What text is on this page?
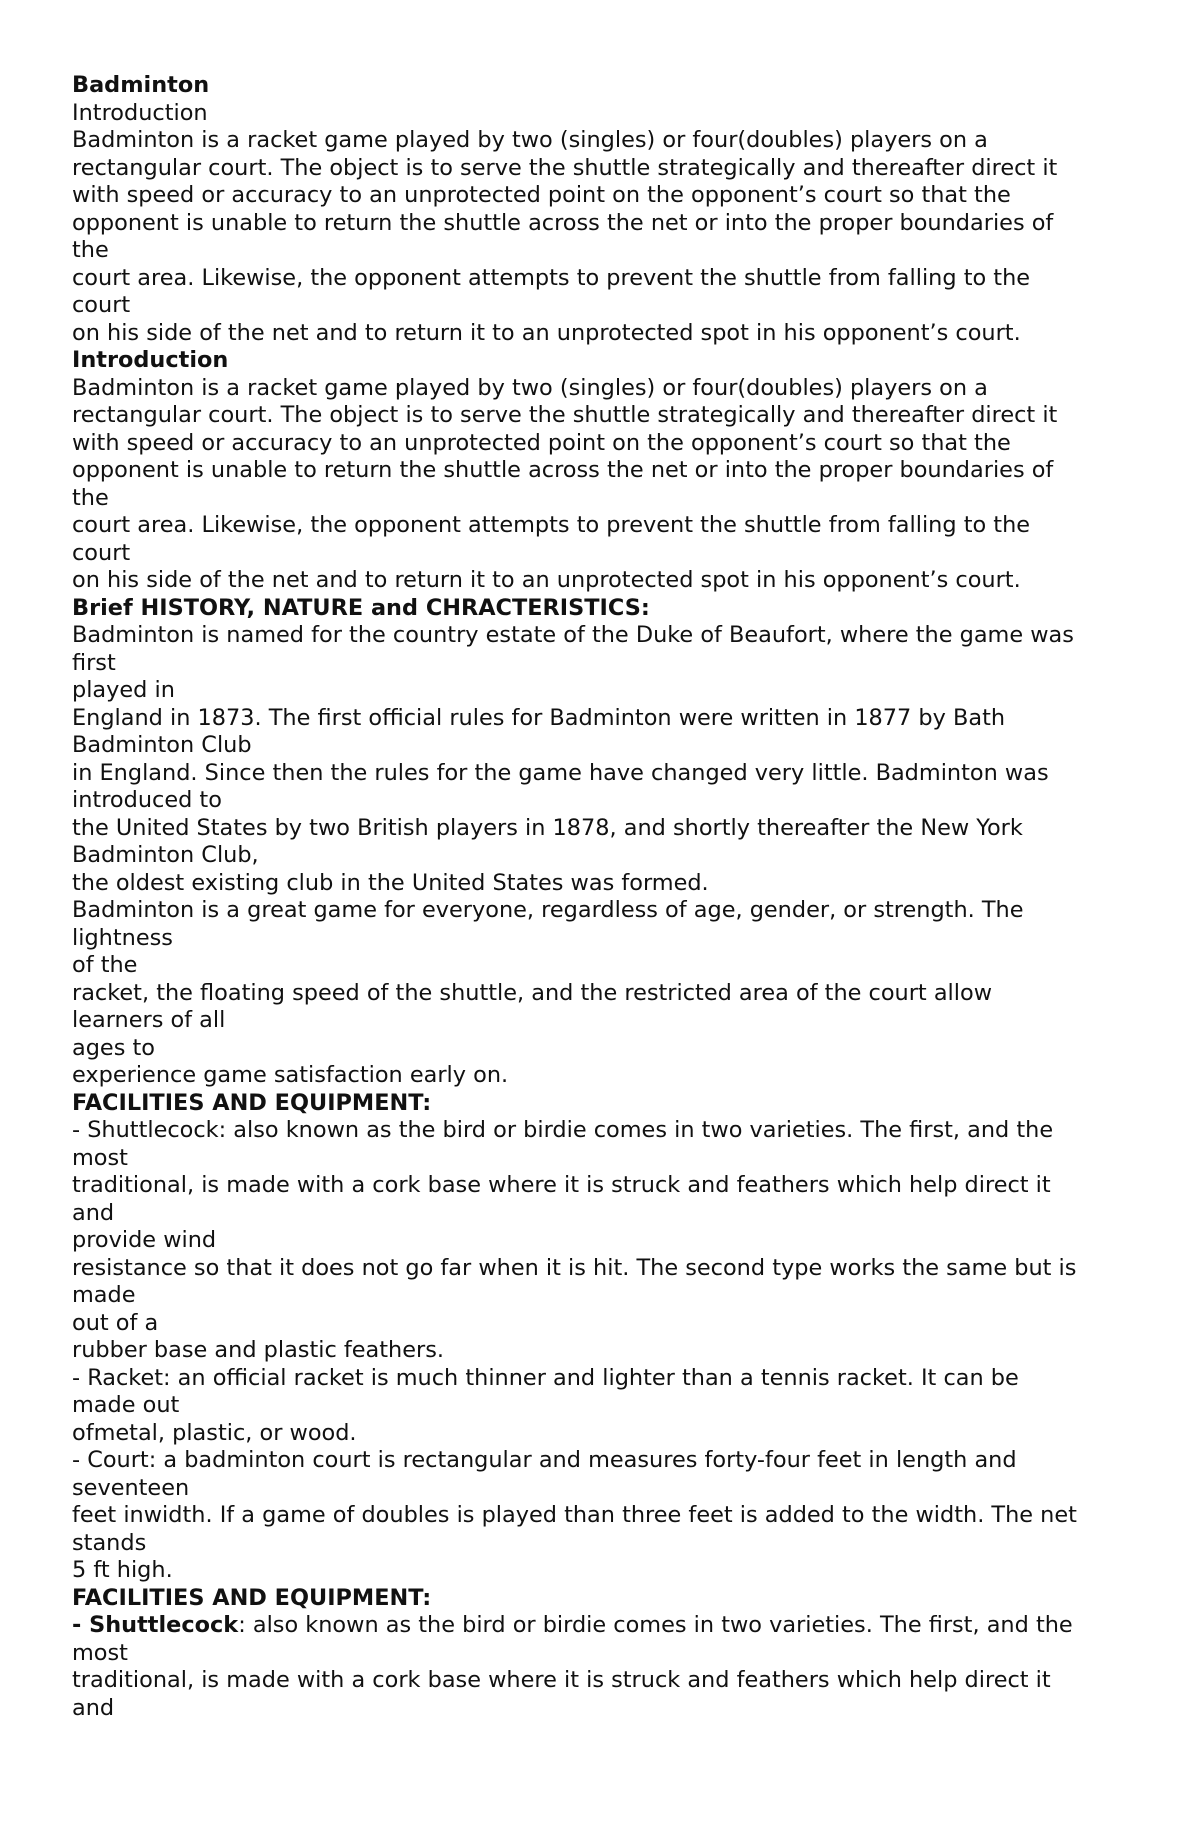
Badminton
Introduction
Badminton is a racket game played by two (singles) or four(doubles) players on a
rectangular court. The object is to serve the shuttle strategically and thereafter direct it
with speed or accuracy to an unprotected point on the opponent’s court so that the
opponent is unable to return the shuttle across the net or into the proper boundaries of
the
court area. Likewise, the opponent attempts to prevent the shuttle from falling to the
court
on his side of the net and to return it to an unprotected spot in his opponent’s court.
Introduction
Badminton is a racket game played by two (singles) or four(doubles) players on a
rectangular court. The object is to serve the shuttle strategically and thereafter direct it
with speed or accuracy to an unprotected point on the opponent’s court so that the
opponent is unable to return the shuttle across the net or into the proper boundaries of
the
court area. Likewise, the opponent attempts to prevent the shuttle from falling to the
court
on his side of the net and to return it to an unprotected spot in his opponent’s court.
Brief HISTORY, NATURE and CHRACTERISTICS:
Badminton is named for the country estate of the Duke of Beaufort, where the game was
first
played in
England in 1873. The first official rules for Badminton were written in 1877 by Bath
Badminton Club
in England. Since then the rules for the game have changed very little. Badminton was
introduced to
the United States by two British players in 1878, and shortly thereafter the New York
Badminton Club,
the oldest existing club in the United States was formed.
Badminton is a great game for everyone, regardless of age, gender, or strength. The
lightness
of the
racket, the floating speed of the shuttle, and the restricted area of the court allow
learners of all
ages to
experience game satisfaction early on.
FACILITIES AND EQUIPMENT:
- Shuttlecock: also known as the bird or birdie comes in two varieties. The first, and the
most
traditional, is made with a cork base where it is struck and feathers which help direct it
and
provide wind
resistance so that it does not go far when it is hit. The second type works the same but is
made
out of a
rubber base and plastic feathers.
- Racket: an official racket is much thinner and lighter than a tennis racket. It can be
made out
ofmetal, plastic, or wood.
- Court: a badminton court is rectangular and measures forty-four feet in length and
seventeen
feet inwidth. If a game of doubles is played than three feet is added to the width. The net
stands
5 ft high.
FACILITIES AND EQUIPMENT:
- Shuttlecock: also known as the bird or birdie comes in two varieties. The first, and the
most
traditional, is made with a cork base where it is struck and feathers which help direct it
and
